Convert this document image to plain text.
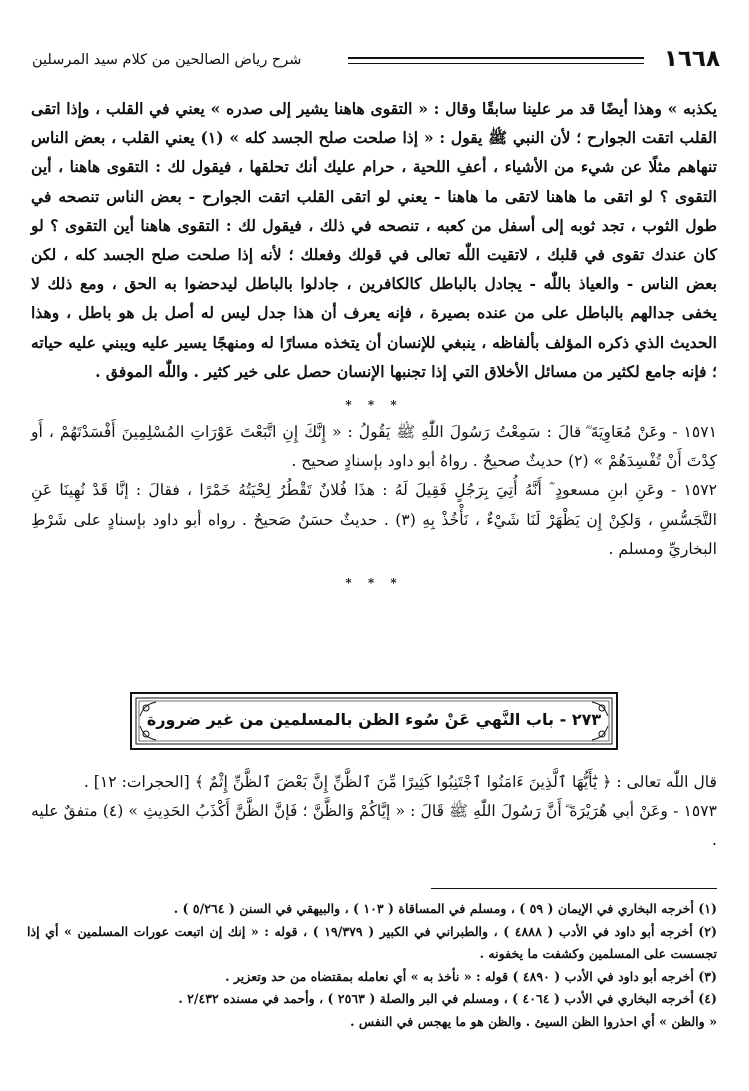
١٦٦٨
شرح رياض الصالحين من كلام سيد المرسلين

يكذبه » وهذا أيضًا قد مر علينا سابقًا وقال : « التقوى هاهنا يشير إلى صدره » يعني في القلب ، وإذا اتقى القلب اتقت الجوارح ؛ لأن النبي ﷺ يقول : « إذا صلحت صلح الجسد كله » (١) يعني القلب ، بعض الناس تنهاهم مثلًا عن شيء من الأشياء ، أعفِ اللحية ، حرام عليك أنك تحلقها ، فيقول لك : التقوى هاهنا ، أين التقوى ؟ لو اتقى ما هاهنا لاتقى ما هاهنا - يعني لو اتقى القلب اتقت الجوارح - بعض الناس تنصحه في طول الثوب ، تجد ثوبه إلى أسفل من كعبه ، تنصحه في ذلك ، فيقول لك : التقوى هاهنا أين التقوى ؟ لو كان عندك تقوى في قلبك ، لاتقيت اللّٰه تعالى في قولك وفعلك ؛ لأنه إذا صلحت صلح الجسد كله ، لكن بعض الناس - والعياذ باللّٰه - يجادل بالباطل كالكافرين ، جادلوا بالباطل ليدحضوا به الحق ، ومع ذلك لا يخفى جدالهم بالباطل على من عنده بصيرة ، فإنه يعرف أن هذا جدل ليس له أصل بل هو باطل ، وهذا الحديث الذي ذكره المؤلف بألفاظه ، ينبغي للإنسان أن يتخذه مسارًا له ومنهجًا يسير عليه ويبني عليه حياته ؛ فإنه جامع لكثير من مسائل الأخلاق التي إذا تجنبها الإنسان حصل على خير كثير . واللّٰه الموفق .

* * *

١٥٧١ - وعَنْ مُعَاوِيَةَ ؓ قالَ : سَمِعْتُ رَسُولَ اللّٰهِ ﷺ يَقُولُ : « إِنَّكَ إِنِ اتَّبَعْتَ عَوْرَاتِ المُسْلِمِينَ أَفْسَدْتَهُمْ ، أَو كِدْتَ أَنْ تُفْسِدَهُمْ » (٢) حديثٌ صحيحٌ . رواهُ أبو داود بإسنادٍ صحيح .

١٥٧٢ - وعَنِ ابنِ مسعودٍ ؓ أَنَّهُ أُتِيَ بِرَجُلٍ فَقِيلَ لَهُ : هذَا فُلانٌ تَقْطُرُ لِحْيَتُهُ خَمْرًا ، فقالَ : إنَّا قَدْ نُهِينَا عَنِ التَّجَسُّسِ ، وَلكِنْ إِن يَظْهَرْ لَنَا شَيْءٌ ، نَأْخُذْ بِهِ (٣) . حديثٌ حسَنٌ صَحيحٌ . رواه أبو داود بإسنادٍ على شَرْطِ البخاريِّ ومسلم .

* * *
٢٧٣ - باب النَّهي عَنْ سُوء الظن بالمسلمين من غير ضرورة

قال اللّٰه تعالى : ﴿ يَٰٓأَيُّهَا ٱلَّذِينَ ءَامَنُوا ٱجْتَنِبُوا كَثِيرًا مِّنَ ٱلظَّنِّ إِنَّ بَعْضَ ٱلظَّنِّ إِثْمٌ ﴾ [الحجرات: ١٢] .

١٥٧٣ - وعَنْ أبي هُرَيْرَةَ ؓ أَنَّ رَسُولَ اللّٰهِ ﷺ قَالَ : « إيَّاكُمْ وَالظَّنَّ ؛ فَإنَّ الظَّنَّ أَكْذَبُ الحَدِيثِ » (٤) متفقٌ عليه .

(١) أخرجه البخاري في الإيمان ( ٥٩ ) ، ومسلم في المساقاة ( ١٠٣ ) ، والبيهقي في السنن ( ٥/٢٦٤ ) .

(٢) أخرجه أبو داود في الأدب ( ٤٨٨٨ ) ، والطبراني في الكبير ( ١٩/٣٧٩ ) ، قوله : « إنك إن اتبعت عورات المسلمين » أي إذا تجسست على المسلمين وكشفت ما يخفونه .

(٣) أخرجه أبو داود في الأدب ( ٤٨٩٠ ) قوله : « نأخذ به » أي نعامله بمقتضاه من حد وتعزير .

(٤) أخرجه البخاري في الأدب ( ٤٠٦٤ ) ، ومسلم في البر والصلة ( ٢٥٦٣ ) ، وأحمد في مسنده ٢/٤٣٢ .

« والظن » أي احذروا الظن السيئ . والظن هو ما يهجس في النفس .
